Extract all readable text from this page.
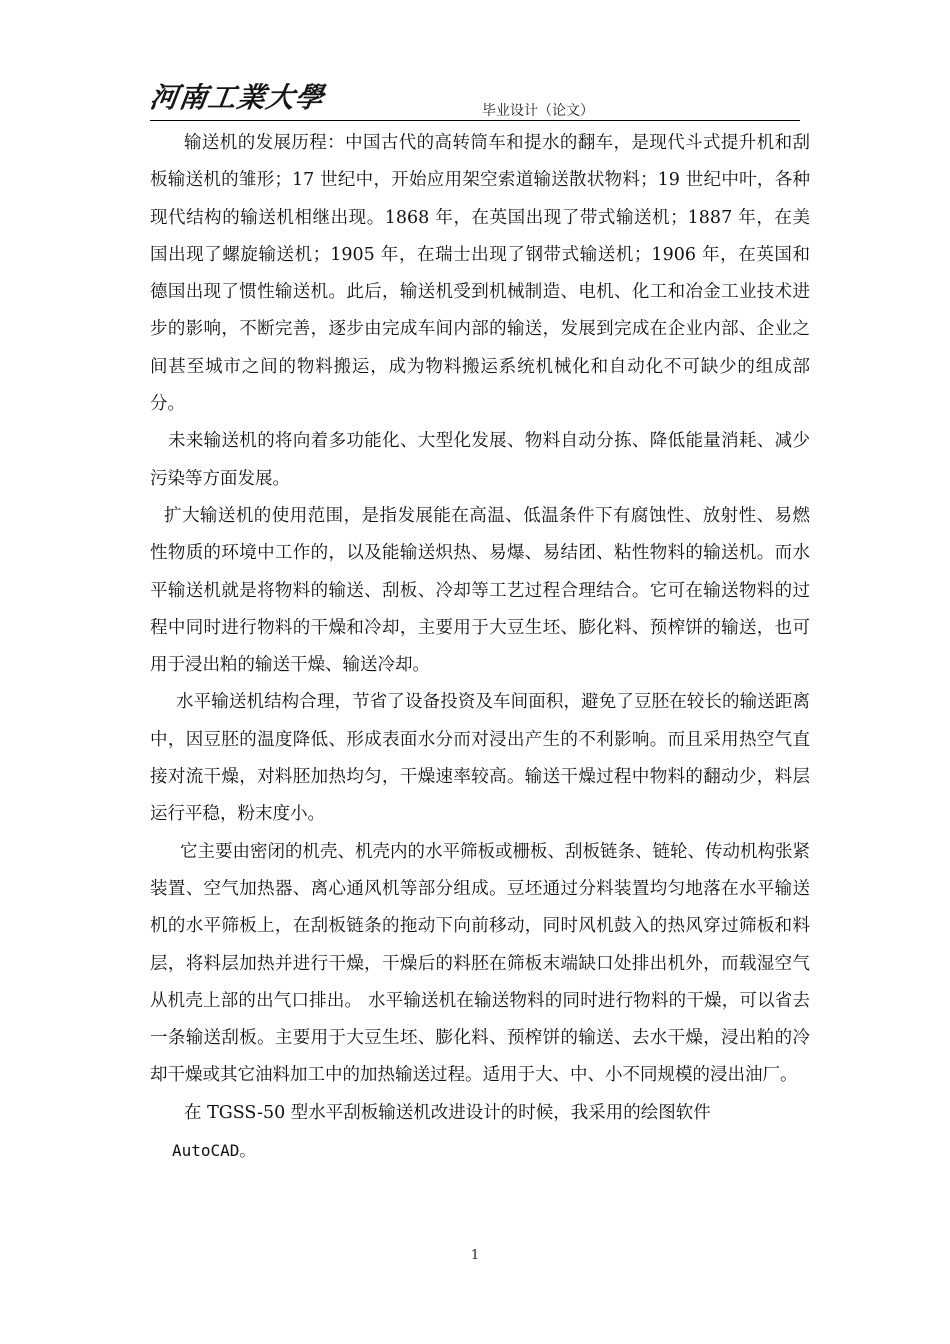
河南工業大學	毕业设计（论文）

输送机的发展历程：中国古代的高转筒车和提水的翻车，是现代斗式提升机和刮板输送机的雏形；17 世纪中，开始应用架空索道输送散状物料；19 世纪中叶，各种现代结构的输送机相继出现。1868 年，在英国出现了带式输送机；1887 年，在美国出现了螺旋输送机；1905 年，在瑞士出现了钢带式输送机；1906 年，在英国和德国出现了惯性输送机。此后，输送机受到机械制造、电机、化工和冶金工业技术进步的影响，不断完善，逐步由完成车间内部的输送，发展到完成在企业内部、企业之间甚至城市之间的物料搬运，成为物料搬运系统机械化和自动化不可缺少的组成部分。

未来输送机的将向着多功能化、大型化发展、物料自动分拣、降低能量消耗、减少污染等方面发展。

扩大输送机的使用范围，是指发展能在高温、低温条件下有腐蚀性、放射性、易燃性物质的环境中工作的，以及能输送炽热、易爆、易结团、粘性物料的输送机。而水平输送机就是将物料的输送、刮板、冷却等工艺过程合理结合。它可在输送物料的过程中同时进行物料的干燥和冷却，主要用于大豆生坯、膨化料、预榨饼的输送，也可用于浸出粕的输送干燥、输送冷却。

水平输送机结构合理，节省了设备投资及车间面积，避免了豆胚在较长的输送距离中，因豆胚的温度降低、形成表面水分而对浸出产生的不利影响。而且采用热空气直接对流干燥，对料胚加热均匀，干燥速率较高。输送干燥过程中物料的翻动少，料层运行平稳，粉末度小。

它主要由密闭的机壳、机壳内的水平筛板或栅板、刮板链条、链轮、传动机构张紧装置、空气加热器、离心通风机等部分组成。豆坯通过分料装置均匀地落在水平输送机的水平筛板上，在刮板链条的拖动下向前移动，同时风机鼓入的热风穿过筛板和料层，将料层加热并进行干燥，干燥后的料胚在筛板末端缺口处排出机外，而载湿空气从机壳上部的出气口排出。 水平输送机在输送物料的同时进行物料的干燥，可以省去一条输送刮板。主要用于大豆生坯、膨化料、预榨饼的输送、去水干燥，浸出粕的冷却干燥或其它油料加工中的加热输送过程。适用于大、中、小不同规模的浸出油厂。

在 TGSS-50 型水平刮板输送机改进设计的时候，我采用的绘图软件

AutoCAD。

1
